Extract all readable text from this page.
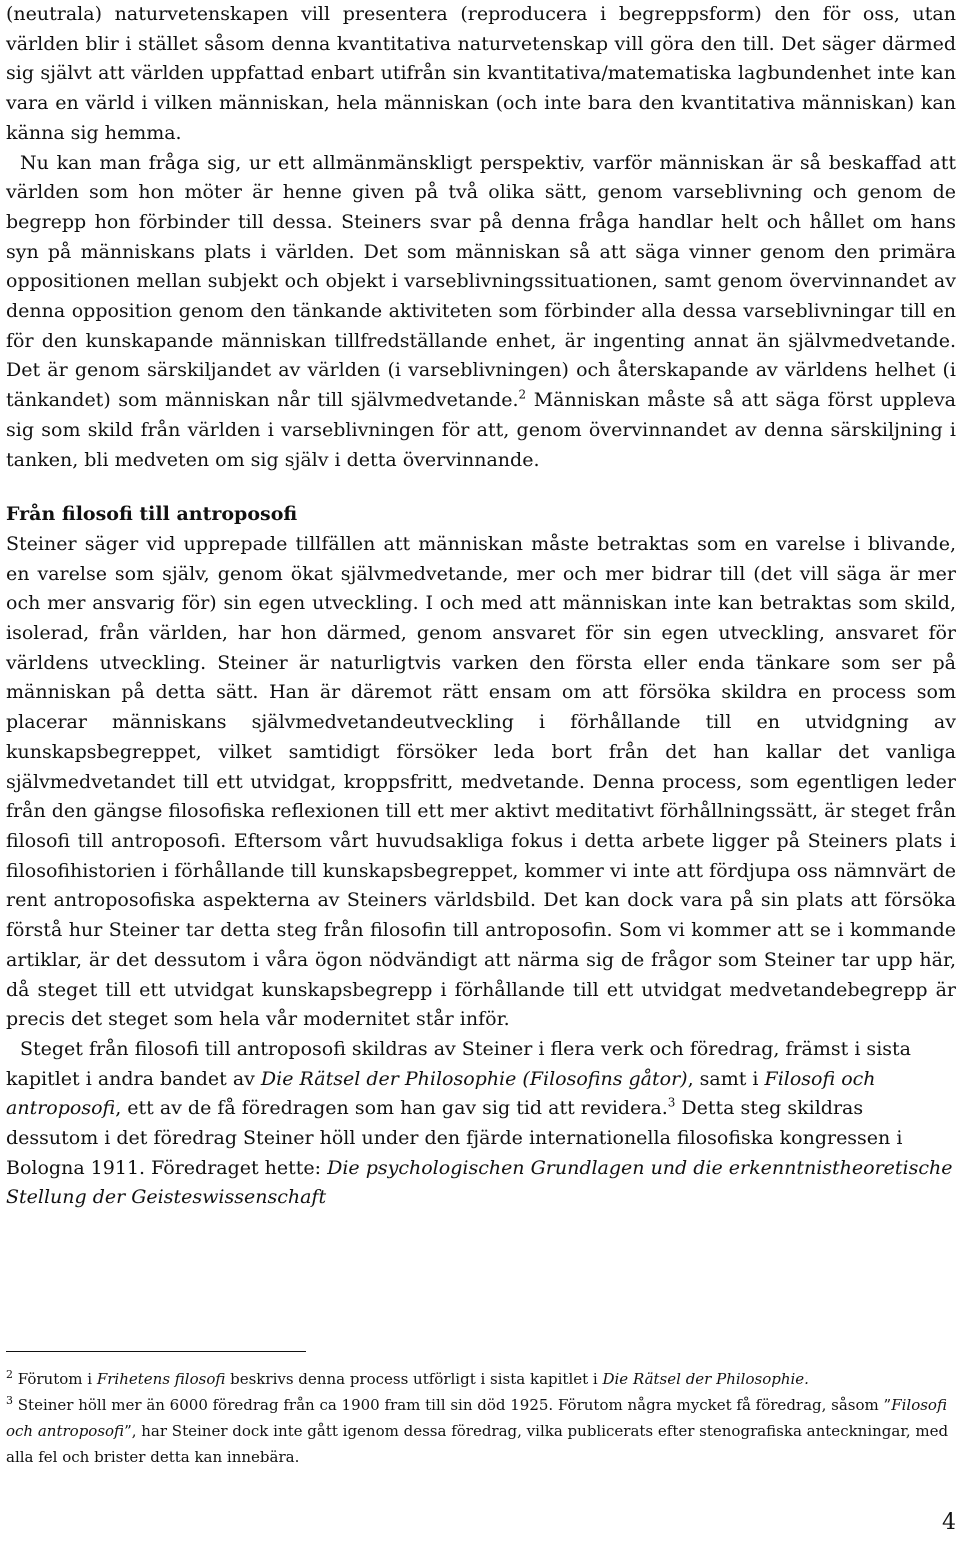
(neutrala) naturvetenskapen vill presentera (reproducera i begreppsform) den för oss, utan världen blir i stället såsom denna kvantitativa naturvetenskap vill göra den till. Det säger därmed sig självt att världen uppfattad enbart utifrån sin kvantitativa/matematiska lagbundenhet inte kan vara en värld i vilken människan, hela människan (och inte bara den kvantitativa människan) kan känna sig hemma.

Nu kan man fråga sig, ur ett allmänmänskligt perspektiv, varför människan är så beskaffad att världen som hon möter är henne given på två olika sätt, genom varseblivning och genom de begrepp hon förbinder till dessa. Steiners svar på denna fråga handlar helt och hållet om hans syn på människans plats i världen. Det som människan så att säga vinner genom den primära oppositionen mellan subjekt och objekt i varseblivningssituationen, samt genom övervinnandet av denna opposition genom den tänkande aktiviteten som förbinder alla dessa varseblivningar till en för den kunskapande människan tillfredställande enhet, är ingenting annat än självmedvetande. Det är genom särskiljandet av världen (i varseblivningen) och återskapande av världens helhet (i tänkandet) som människan når till självmedvetande.$^2$ Människan måste så att säga först uppleva sig som skild från världen i varseblivningen för att, genom övervinnandet av denna särskiljning i tanken, bli medveten om sig själv i detta övervinnande.

Från filosofi till antroposofi

Steiner säger vid upprepade tillfällen att människan måste betraktas som en varelse i blivande, en varelse som själv, genom ökat självmedvetande, mer och mer bidrar till (det vill säga är mer och mer ansvarig för) sin egen utveckling. I och med att människan inte kan betraktas som skild, isolerad, från världen, har hon därmed, genom ansvaret för sin egen utveckling, ansvaret för världens utveckling. Steiner är naturligtvis varken den första eller enda tänkare som ser på människan på detta sätt. Han är däremot rätt ensam om att försöka skildra en process som placerar människans självmedvetandeutveckling i förhållande till en utvidgning av kunskapsbegreppet, vilket samtidigt försöker leda bort från det han kallar det vanliga självmedvetandet till ett utvidgat, kroppsfritt, medvetande. Denna process, som egentligen leder från den gängse filosofiska reflexionen till ett mer aktivt meditativt förhållningssätt, är steget från filosofi till antroposofi. Eftersom vårt huvudsakliga fokus i detta arbete ligger på Steiners plats i filosofihistorien i förhållande till kunskapsbegreppet, kommer vi inte att fördjupa oss nämnvärt de rent antroposofiska aspekterna av Steiners världsbild. Det kan dock vara på sin plats att försöka förstå hur Steiner tar detta steg från filosofin till antroposofin. Som vi kommer att se i kommande artiklar, är det dessutom i våra ögon nödvändigt att närma sig de frågor som Steiner tar upp här, då steget till ett utvidgat kunskapsbegrepp i förhållande till ett utvidgat medvetandebegrepp är precis det steget som hela vår modernitet står inför.

Steget från filosofi till antroposofi skildras av Steiner i flera verk och föredrag, främst i sista kapitlet i andra bandet av Die Rätsel der Philosophie (Filosofins gåtor), samt i Filosofi och antroposofi, ett av de få föredragen som han gav sig tid att revidera.$^3$ Detta steg skildras dessutom i det föredrag Steiner höll under den fjärde internationella filosofiska kongressen i Bologna 1911. Föredraget hette: Die psychologischen Grundlagen und die erkenntnistheoretische Stellung der Geisteswissenschaft

$^2$ Förutom i Frihetens filosofi beskrivs denna process utförligt i sista kapitlet i Die Rätsel der Philosophie.

$^3$ Steiner höll mer än 6000 föredrag från ca 1900 fram till sin död 1925. Förutom några mycket få föredrag, såsom ”Filosofi och antroposofi”, har Steiner dock inte gått igenom dessa föredrag, vilka publicerats efter stenografiska anteckningar, med alla fel och brister detta kan innebära.

4
